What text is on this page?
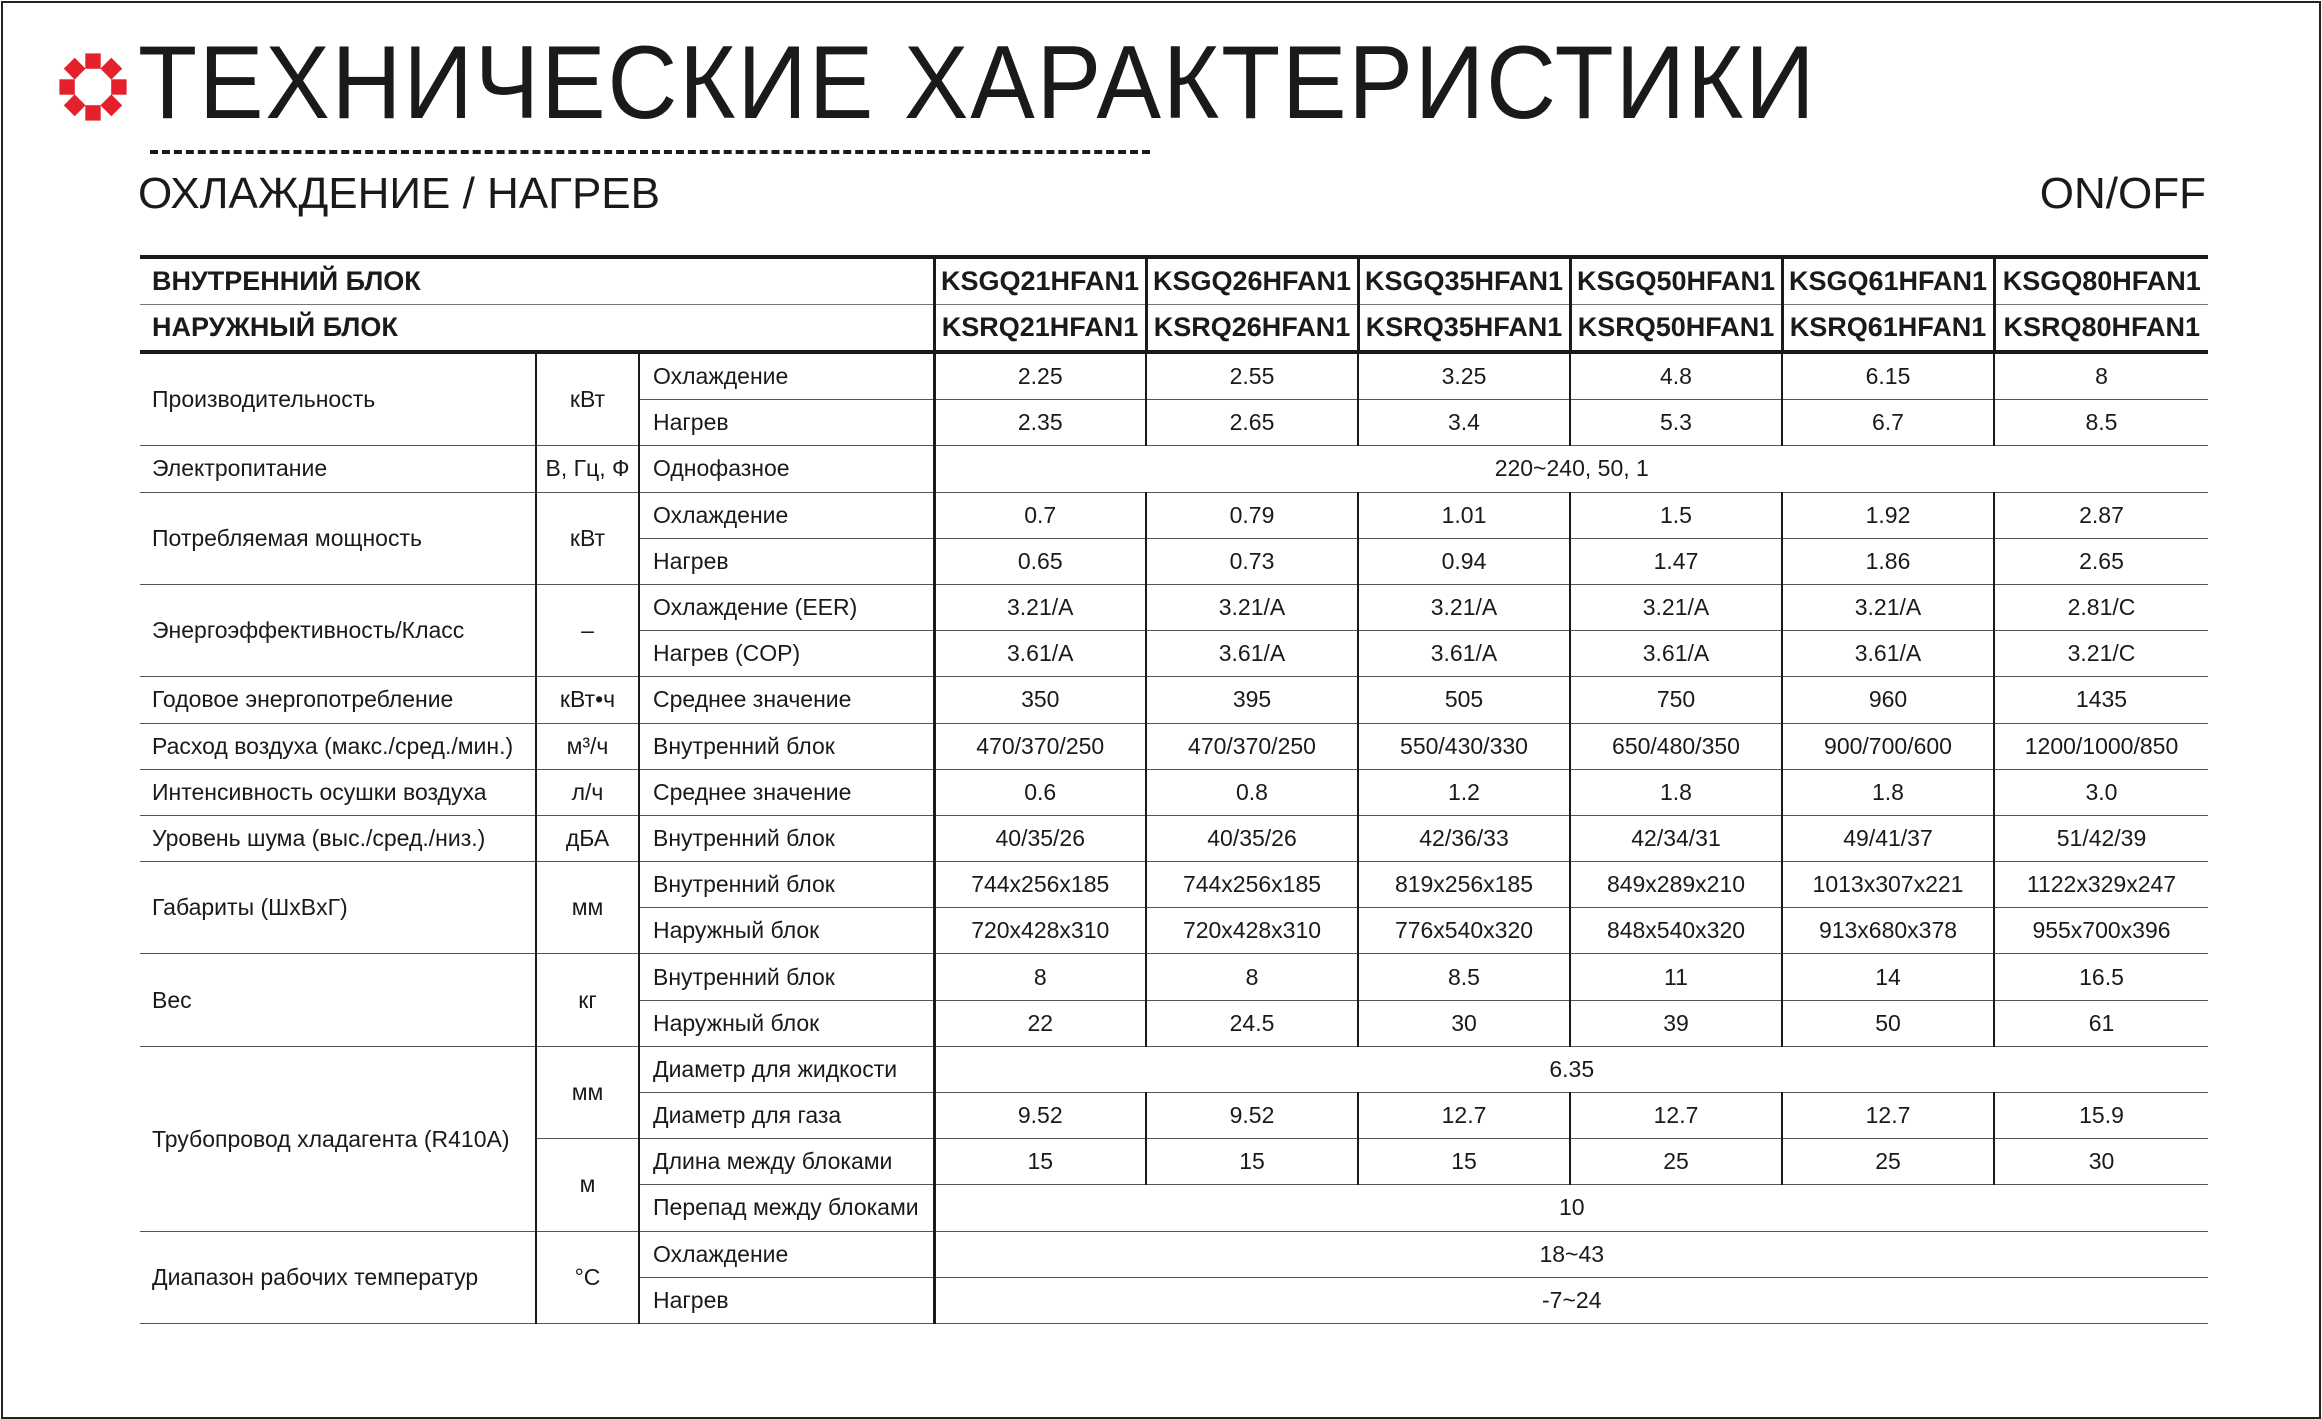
ТЕХНИЧЕСКИЕ ХАРАКТЕРИСТИКИ
ОХЛАЖДЕНИЕ / НАГРЕВ	ON/OFF
ВНУТРЕННИЙ БЛОК			KSGQ21HFAN1	KSGQ26HFAN1	KSGQ35HFAN1	KSGQ50HFAN1	KSGQ61HFAN1	KSGQ80HFAN1
НАРУЖНЫЙ БЛОК			KSRQ21HFAN1	KSRQ26HFAN1	KSRQ35HFAN1	KSRQ50HFAN1	KSRQ61HFAN1	KSRQ80HFAN1
Производительность	кВт	Охлаждение	2.25	2.55	3.25	4.8	6.15	8
		Нагрев	2.35	2.65	3.4	5.3	6.7	8.5
Электропитание	В, Гц, Ф	Однофазное	220~240, 50, 1					
Потребляемая мощность	кВт	Охлаждение	0.7	0.79	1.01	1.5	1.92	2.87
		Нагрев	0.65	0.73	0.94	1.47	1.86	2.65
Энергоэффективность/Класс	–	Охлаждение (EER)	3.21/A	3.21/A	3.21/A	3.21/A	3.21/A	2.81/C
		Нагрев (COP)	3.61/A	3.61/A	3.61/A	3.61/A	3.61/A	3.21/C
Годовое энергопотребление	кВт•ч	Среднее значение	350	395	505	750	960	1435
Расход воздуха (макс./сред./мин.)	м³/ч	Внутренний блок	470/370/250	470/370/250	550/430/330	650/480/350	900/700/600	1200/1000/850
Интенсивность осушки воздуха	л/ч	Среднее значение	0.6	0.8	1.2	1.8	1.8	3.0
Уровень шума (выс./сред./низ.)	дБА	Внутренний блок	40/35/26	40/35/26	42/36/33	42/34/31	49/41/37	51/42/39
Габариты (ШxВxГ)	мм	Внутренний блок	744x256x185	744x256x185	819x256x185	849x289x210	1013x307x221	1122x329x247
		Наружный блок	720x428x310	720x428x310	776x540x320	848x540x320	913x680x378	955x700x396
Вес	кг	Внутренний блок	8	8	8.5	11	14	16.5
		Наружный блок	22	24.5	30	39	50	61
Трубопровод хладагента (R410A)	мм	Диаметр для жидкости	6.35					
		Диаметр для газа	9.52	9.52	12.7	12.7	12.7	15.9
	м	Длина между блоками	15	15	15	25	25	30
		Перепад между блоками	10					
Диапазон рабочих температур	°С	Охлаждение	18~43					
		Нагрев	-7~24					
